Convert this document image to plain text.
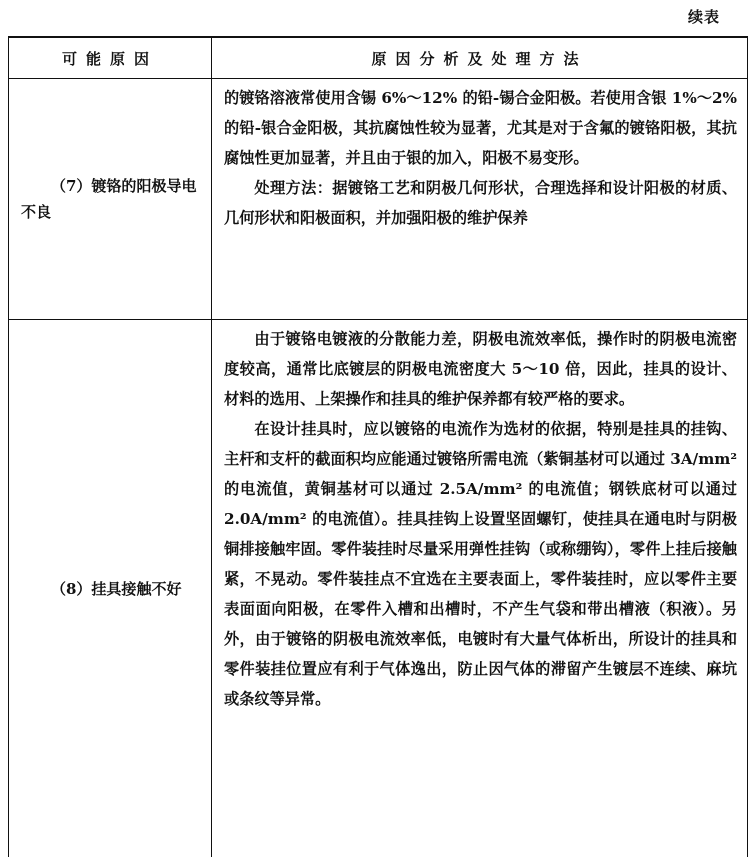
续表
可能原因	原因分析及处理方法

（7）镀铬的阳极导电不良

的镀铬溶液常使用含锡 6%～12% 的铅-锡合金阳极。若使用含银 1%～2% 的铅-银合金阳极，其抗腐蚀性较为显著，尤其是对于含氟的镀铬阳极，其抗腐蚀性更加显著，并且由于银的加入，阳极不易变形。

处理方法：据镀铬工艺和阴极几何形状，合理选择和设计阳极的材质、几何形状和阳极面积，并加强阳极的维护保养

（8）挂具接触不好

由于镀铬电镀液的分散能力差，阴极电流效率低，操作时的阴极电流密度较高，通常比底镀层的阴极电流密度大 5～10 倍，因此，挂具的设计、材料的选用、上架操作和挂具的维护保养都有较严格的要求。

在设计挂具时，应以镀铬的电流作为选材的依据，特别是挂具的挂钩、主杆和支杆的截面积均应能通过镀铬所需电流（紫铜基材可以通过 3A/mm² 的电流值，黄铜基材可以通过 2.5A/mm² 的电流值；钢铁底材可以通过 2.0A/mm² 的电流值）。挂具挂钩上设置坚固螺钉，使挂具在通电时与阴极铜排接触牢固。零件装挂时尽量采用弹性挂钩（或称绷钩），零件上挂后接触紧，不晃动。零件装挂点不宜选在主要表面上，零件装挂时，应以零件主要表面面向阳极，在零件入槽和出槽时，不产生气袋和带出槽液（积液）。另外，由于镀铬的阴极电流效率低，电镀时有大量气体析出，所设计的挂具和零件装挂位置应有利于气体逸出，防止因气体的滞留产生镀层不连续、麻坑或条纹等异常。
